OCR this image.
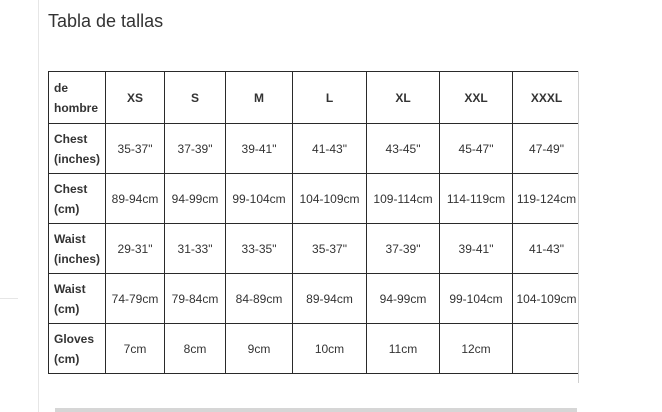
Tabla de tallas
de hombre	XS	S	M	L	XL	XXL	XXXL
Chest (inches)	35-37"	37-39"	39-41"	41-43"	43-45"	45-47"	47-49"
Chest (cm)	89-94cm	94-99cm	99-104cm	104-109cm	109-114cm	114-119cm	119-124cm
Waist (inches)	29-31"	31-33"	33-35"	35-37"	37-39"	39-41"	41-43"
Waist (cm)	74-79cm	79-84cm	84-89cm	89-94cm	94-99cm	99-104cm	104-109cm
Gloves (cm)	7cm	8cm	9cm	10cm	11cm	12cm	
